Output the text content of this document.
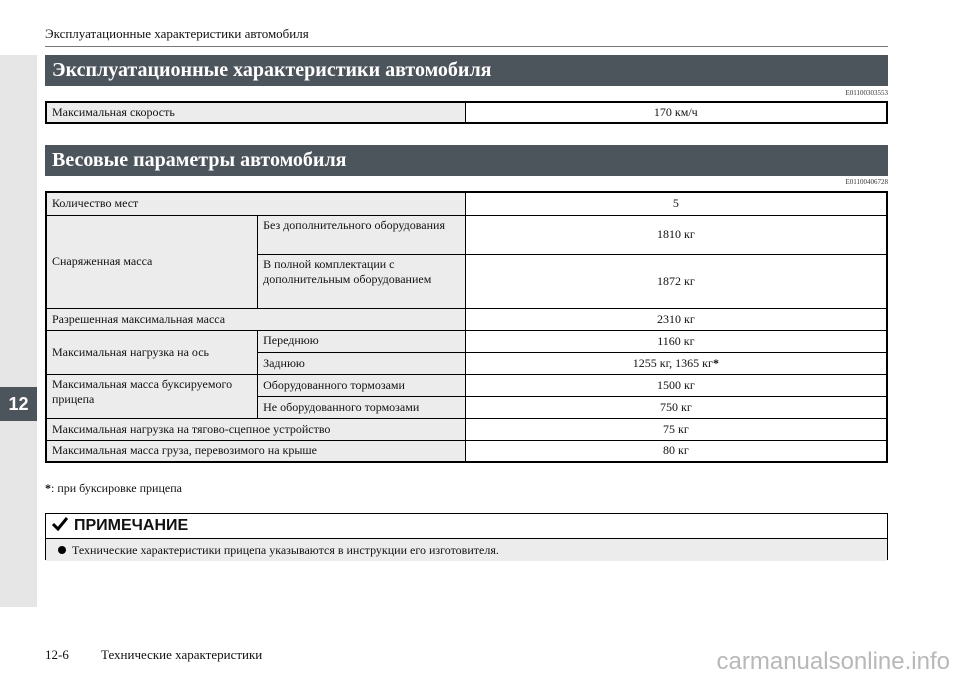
12
Эксплуатационные характеристики автомобиля
Эксплуатационные характеристики автомобиля
E01100303553
Максимальная скорость	170 км/ч
Весовые параметры автомобиля
E01100406728
Количество мест		5
Снаряженная масса	Без дополнительного оборудования	1810 кг
	В полной комплектации с дополнительным оборудованием	1872 кг
Разрешенная максимальная масса		2310 кг
Максимальная нагрузка на ось	Переднюю	1160 кг
	Заднюю	1255 кг, 1365 кг*
Максимальная масса буксируемого прицепа	Оборудованного тормозами	1500 кг
	Не оборудованного тормозами	750 кг
Максимальная нагрузка на тягово-сцепное устройство		75 кг
Максимальная масса груза, перевозимого на крыше		80 кг
*: при буксировке прицепа
ПРИМЕЧАНИЕ
Технические характеристики прицепа указываются в инструкции его изготовителя.
12-6 Технические характеристики	carmanualsonline.info
